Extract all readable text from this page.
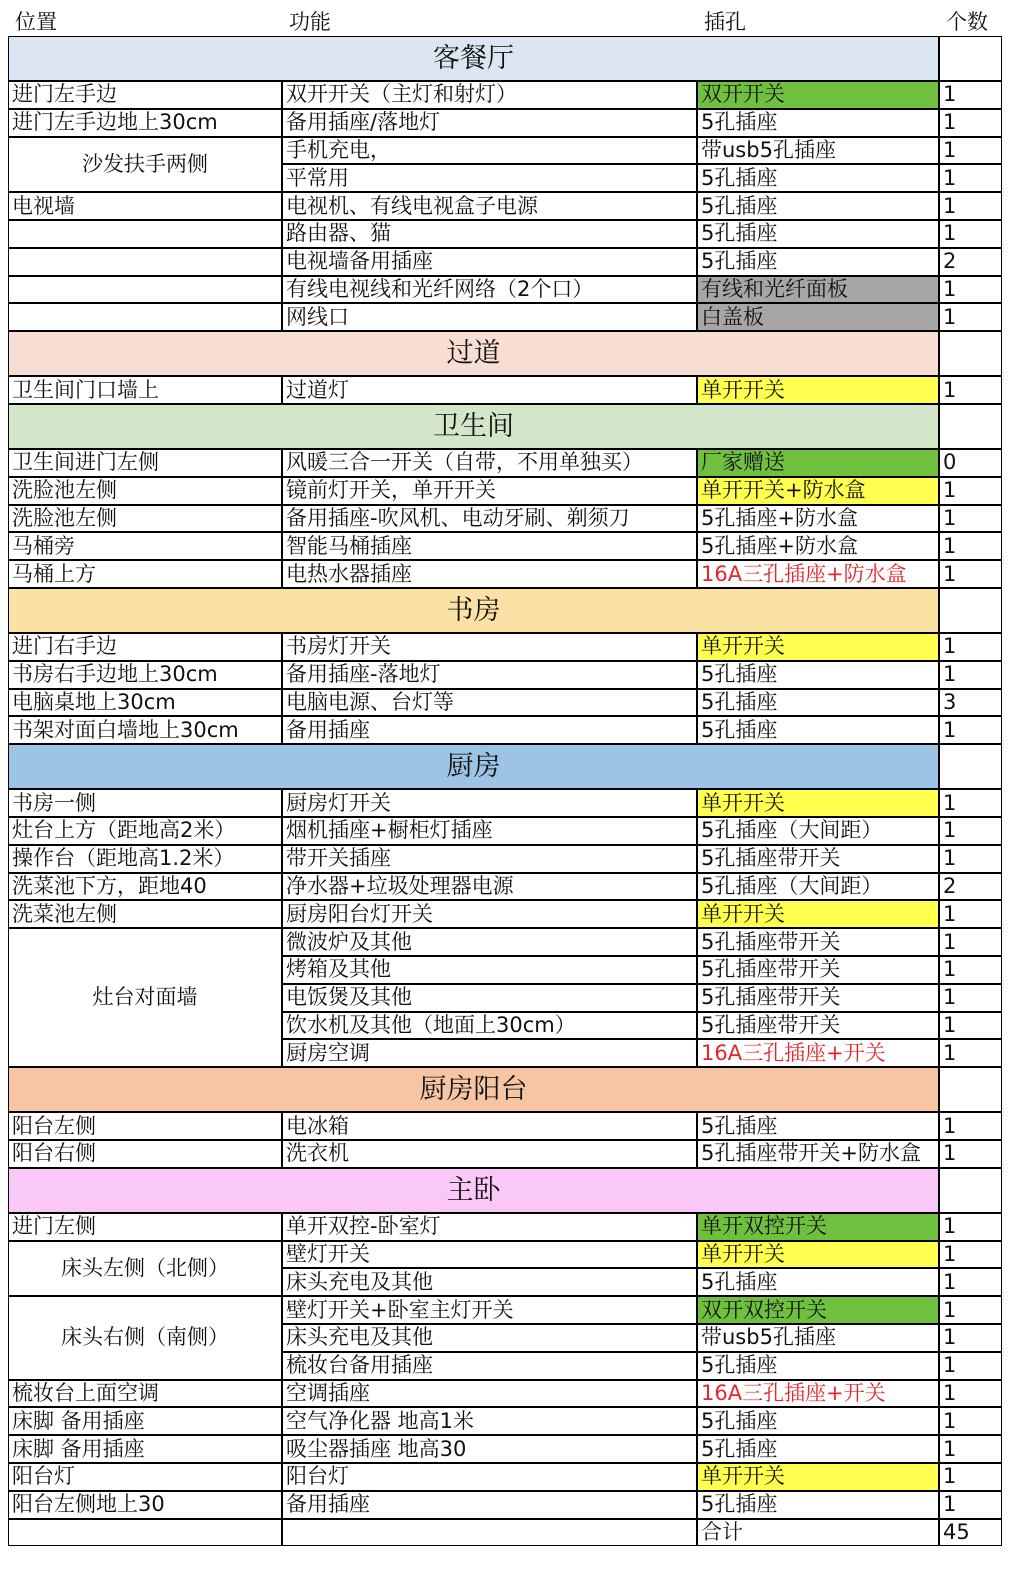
位置	功能	插孔	个数
客餐厅
进门左手边	双开开关（主灯和射灯）	双开开关	1
进门左手边地上30cm	备用插座/落地灯	5孔插座	1
沙发扶手两侧
手机充电，	带usb5孔插座	1
平常用	5孔插座	1
电视墙	电视机、有线电视盒子电源	5孔插座	1
路由器、猫	5孔插座	1
电视墙备用插座	5孔插座	2
有线电视线和光纤网络（2个口）	有线和光纤面板	1
网线口	白盖板	1
过道
卫生间门口墙上	过道灯	单开开关	1
卫生间
卫生间进门左侧	风暖三合一开关（自带，不用单独买）	厂家赠送	0
洗脸池左侧	镜前灯开关，单开开关	单开开关+防水盒	1
洗脸池左侧	备用插座-吹风机、电动牙刷、剃须刀	5孔插座+防水盒	1
马桶旁	智能马桶插座	5孔插座+防水盒	1
马桶上方	电热水器插座	16A三孔插座+防水盒	1
书房
进门右手边	书房灯开关	单开开关	1
书房右手边地上30cm	备用插座-落地灯	5孔插座	1
电脑桌地上30cm	电脑电源、台灯等	5孔插座	3
书架对面白墙地上30cm	备用插座	5孔插座	1
厨房
书房一侧	厨房灯开关	单开开关	1
灶台上方（距地高2米）	烟机插座+橱柜灯插座	5孔插座（大间距）	1
操作台（距地高1.2米）	带开关插座	5孔插座带开关	1
洗菜池下方，距地40	净水器+垃圾处理器电源	5孔插座（大间距）	2
洗菜池左侧	厨房阳台灯开关	单开开关	1
灶台对面墙
微波炉及其他	5孔插座带开关	1
烤箱及其他	5孔插座带开关	1
电饭煲及其他	5孔插座带开关	1
饮水机及其他（地面上30cm）	5孔插座带开关	1
厨房空调	16A三孔插座+开关	1
厨房阳台
阳台左侧	电冰箱	5孔插座	1
阳台右侧	洗衣机	5孔插座带开关+防水盒	1
主卧
进门左侧	单开双控-卧室灯	单开双控开关	1
床头左侧（北侧）
壁灯开关	单开开关	1
床头充电及其他	5孔插座	1
床头右侧（南侧）
壁灯开关+卧室主灯开关	双开双控开关	1
床头充电及其他	带usb5孔插座	1
梳妆台备用插座	5孔插座	1
梳妆台上面空调	空调插座	16A三孔插座+开关	1
床脚 备用插座	空气净化器 地高1米	5孔插座	1
床脚 备用插座	吸尘器插座 地高30	5孔插座	1
阳台灯	阳台灯	单开开关	1
阳台左侧地上30	备用插座	5孔插座	1
合计	45
